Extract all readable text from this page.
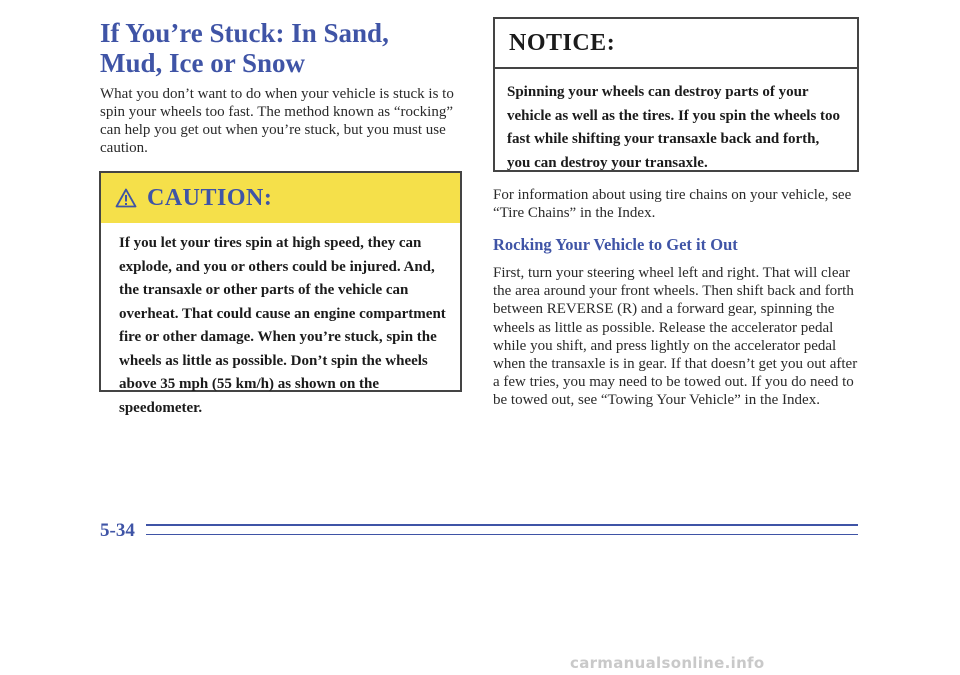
If You’re Stuck: In Sand, Mud, Ice or Snow

What you don’t want to do when your vehicle is stuck is to spin your wheels too fast. The method known as “rocking” can help you get out when you’re stuck, but you must use caution.

CAUTION:

If you let your tires spin at high speed, they can explode, and you or others could be injured. And, the transaxle or other parts of the vehicle can overheat. That could cause an engine compartment fire or other damage. When you’re stuck, spin the wheels as little as possible. Don’t spin the wheels above 35 mph (55 km/h) as shown on the speedometer.

NOTICE:

Spinning your wheels can destroy parts of your vehicle as well as the tires. If you spin the wheels too fast while shifting your transaxle back and forth, you can destroy your transaxle.

For information about using tire chains on your vehicle, see “Tire Chains” in the Index.

Rocking Your Vehicle to Get it Out

First, turn your steering wheel left and right. That will clear the area around your front wheels. Then shift back and forth between REVERSE (R) and a forward gear, spinning the wheels as little as possible. Release the accelerator pedal while you shift, and press lightly on the accelerator pedal when the transaxle is in gear. If that doesn’t get you out after a few tries, you may need to be towed out. If you do need to be towed out, see “Towing Your Vehicle” in the Index.

5-34

carmanualsonline.info
